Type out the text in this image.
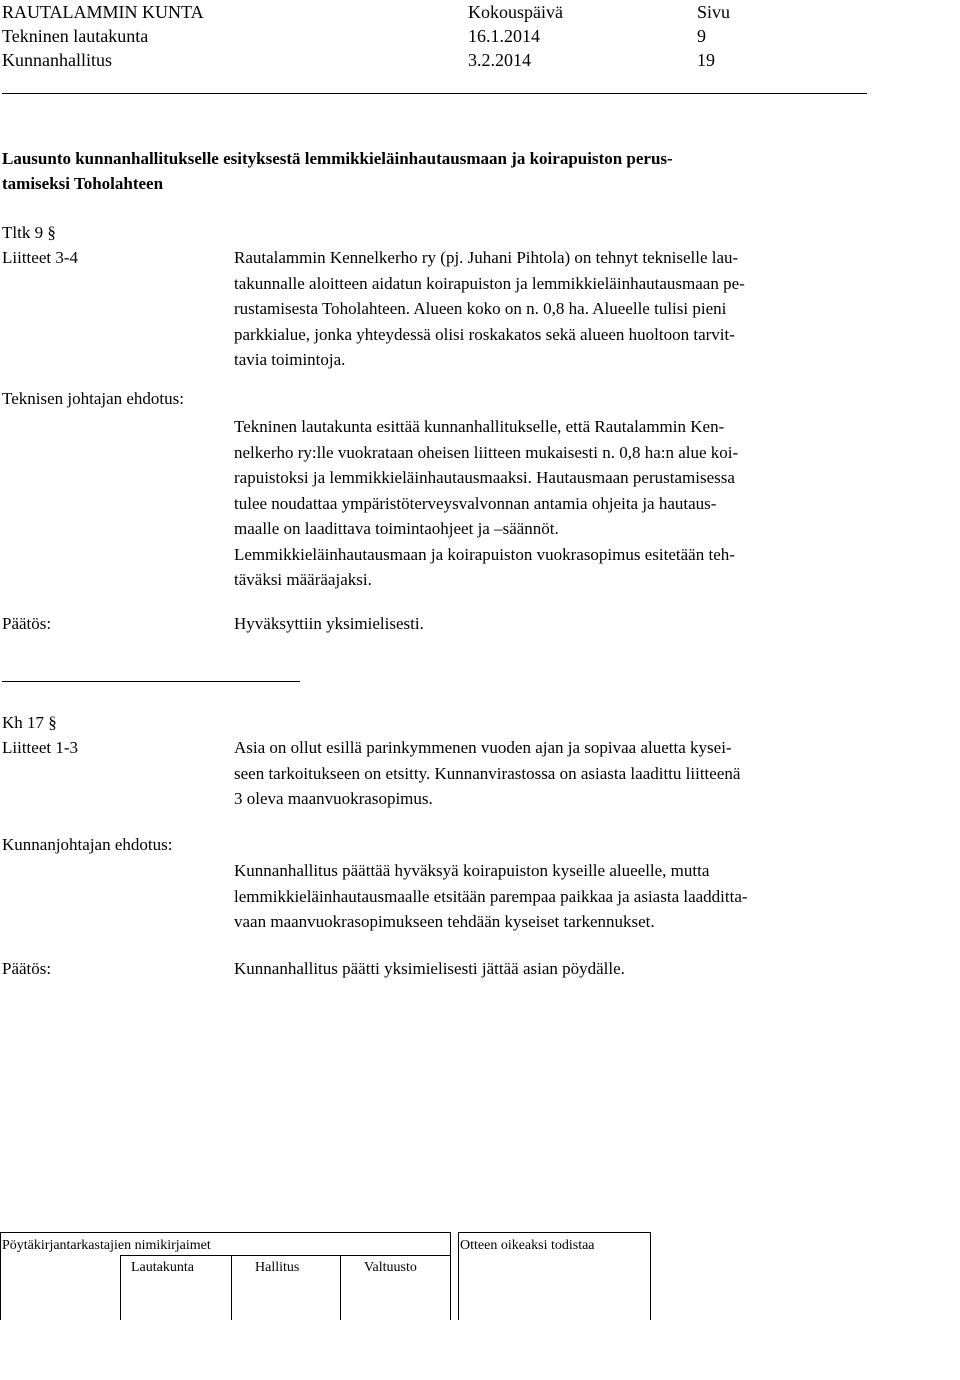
RAUTALAMMIN KUNTA	Kokouspäivä	Sivu
Tekninen lautakunta	16.1.2014	9
Kunnanhallitus	3.2.2014	19
Lausunto kunnanhallitukselle esityksestä lemmikkieläinhautausmaan ja koirapuiston perus-
tamiseksi Toholahteen
Tltk 9 §
Liitteet 3-4	Rautalammin Kennelkerho ry (pj. Juhani Pihtola) on tehnyt tekniselle lau-
takunnalle aloitteen aidatun koirapuiston ja lemmikkieläinhautausmaan pe-
rustamisesta Toholahteen. Alueen koko on n. 0,8 ha. Alueelle tulisi pieni
parkkialue, jonka yhteydessä olisi roskakatos sekä alueen huoltoon tarvit-
tavia toimintoja.
Teknisen johtajan ehdotus:
Tekninen lautakunta esittää kunnanhallitukselle, että Rautalammin Ken-
nelkerho ry:lle vuokrataan oheisen liitteen mukaisesti n. 0,8 ha:n alue koi-
rapuistoksi ja lemmikkieläinhautausmaaksi. Hautausmaan perustamisessa
tulee noudattaa ympäristöterveysvalvonnan antamia ohjeita ja hautaus-
maalle on laadittava toimintaohjeet ja –säännöt.
Lemmikkieläinhautausmaan ja koirapuiston vuokrasopimus esitetään teh-
täväksi määräajaksi.
Päätös:	Hyväksyttiin yksimielisesti.
Kh 17 §
Liitteet 1-3	Asia on ollut esillä parinkymmenen vuoden ajan ja sopivaa aluetta kysei-
seen tarkoitukseen on etsitty. Kunnanvirastossa on asiasta laadittu liitteenä
3 oleva maanvuokrasopimus.
Kunnanjohtajan ehdotus:
Kunnanhallitus päättää hyväksyä koirapuiston kyseille alueelle, mutta
lemmikkieläinhautausmaalle etsitään parempaa paikkaa ja asiasta laadditta-
vaan maanvuokrasopimukseen tehdään kyseiset tarkennukset.
Päätös:	Kunnanhallitus päätti yksimielisesti jättää asian pöydälle.
Pöytäkirjantarkastajien nimikirjaimet	Otteen oikeaksi todistaa
Lautakunta	Hallitus	Valtuusto
